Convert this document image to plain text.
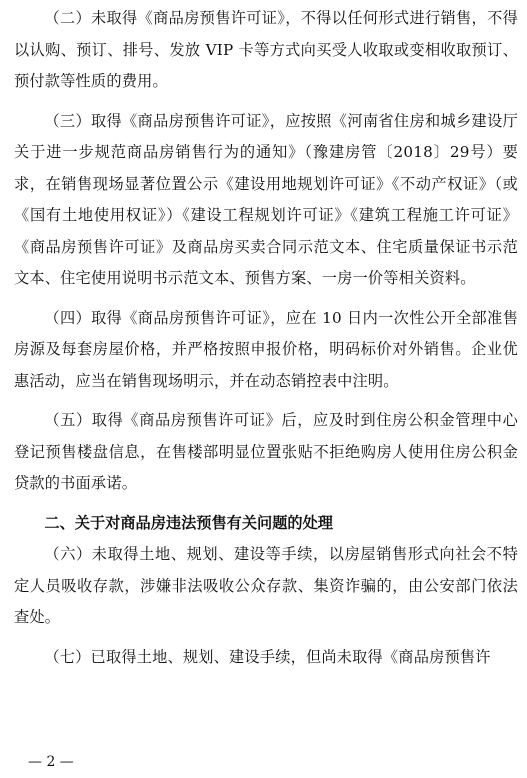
（二）未取得《商品房预售许可证》，不得以任何形式进行销售，不得以认购、预订、排号、发放 VIP 卡等方式向买受人收取或变相收取预订、预付款等性质的费用。

（三）取得《商品房预售许可证》，应按照《河南省住房和城乡建设厅关于进一步规范商品房销售行为的通知》（豫建房管〔2018〕29号）要求，在销售现场显著位置公示《建设用地规划许可证》《不动产权证》（或《国有土地使用权证》）《建设工程规划许可证》《建筑工程施工许可证》《商品房预售许可证》及商品房买卖合同示范文本、住宅质量保证书示范文本、住宅使用说明书示范文本、预售方案、一房一价等相关资料。

（四）取得《商品房预售许可证》，应在 10 日内一次性公开全部准售房源及每套房屋价格，并严格按照申报价格，明码标价对外销售。企业优惠活动，应当在销售现场明示，并在动态销控表中注明。

（五）取得《商品房预售许可证》后，应及时到住房公积金管理中心登记预售楼盘信息，在售楼部明显位置张贴不拒绝购房人使用住房公积金贷款的书面承诺。

二、关于对商品房违法预售有关问题的处理

（六）未取得土地、规划、建设等手续，以房屋销售形式向社会不特定人员吸收存款，涉嫌非法吸收公众存款、集资诈骗的，由公安部门依法查处。

（七）已取得土地、规划、建设手续，但尚未取得《商品房预售许

— 2 —
